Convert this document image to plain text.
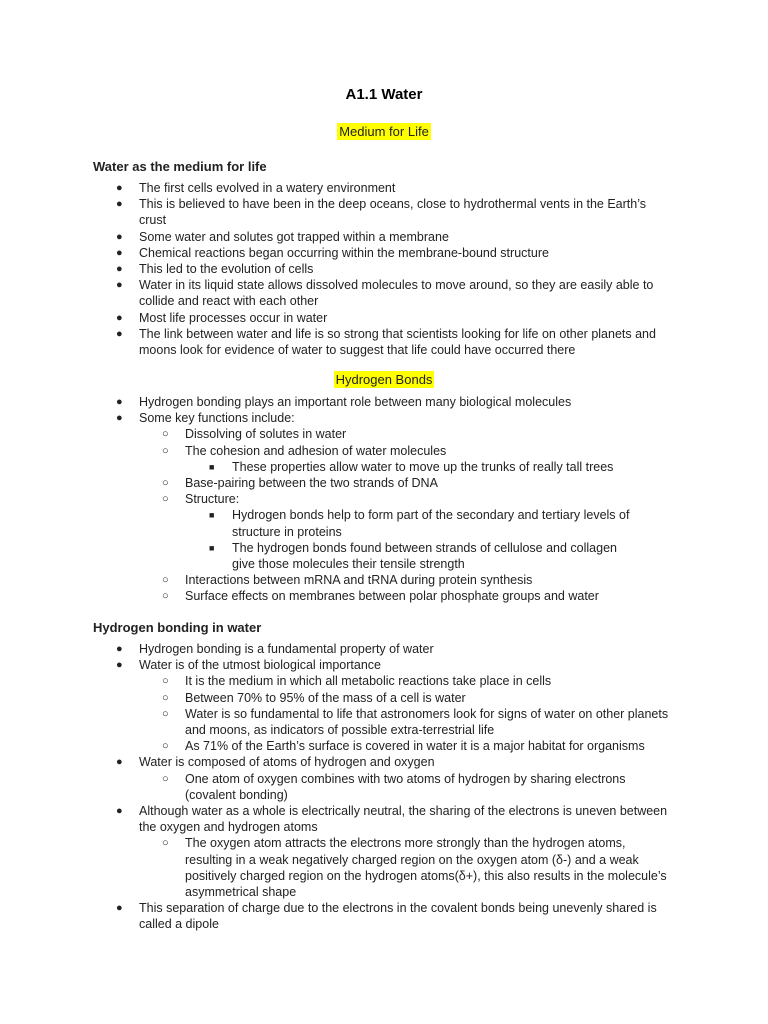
A1.1 Water
Medium for Life
Water as the medium for life
● The first cells evolved in a watery environment
● This is believed to have been in the deep oceans, close to hydrothermal vents in the Earth’s crust
● Some water and solutes got trapped within a membrane
● Chemical reactions began occurring within the membrane-bound structure
● This led to the evolution of cells
● Water in its liquid state allows dissolved molecules to move around, so they are easily able to collide and react with each other
● Most life processes occur in water
● The link between water and life is so strong that scientists looking for life on other planets and moons look for evidence of water to suggest that life could have occurred there
Hydrogen Bonds
● Hydrogen bonding plays an important role between many biological molecules
● Some key functions include:
○ Dissolving of solutes in water
○ The cohesion and adhesion of water molecules
■ These properties allow water to move up the trunks of really tall trees
○ Base-pairing between the two strands of DNA
○ Structure:
■ Hydrogen bonds help to form part of the secondary and tertiary levels of structure in proteins
■ The hydrogen bonds found between strands of cellulose and collagen give those molecules their tensile strength
○ Interactions between mRNA and tRNA during protein synthesis
○ Surface effects on membranes between polar phosphate groups and water
Hydrogen bonding in water
● Hydrogen bonding is a fundamental property of water
● Water is of the utmost biological importance
○ It is the medium in which all metabolic reactions take place in cells
○ Between 70% to 95% of the mass of a cell is water
○ Water is so fundamental to life that astronomers look for signs of water on other planets and moons, as indicators of possible extra-terrestrial life
○ As 71% of the Earth’s surface is covered in water it is a major habitat for organisms
● Water is composed of atoms of hydrogen and oxygen
○ One atom of oxygen combines with two atoms of hydrogen by sharing electrons (covalent bonding)
● Although water as a whole is electrically neutral, the sharing of the electrons is uneven between the oxygen and hydrogen atoms
○ The oxygen atom attracts the electrons more strongly than the hydrogen atoms, resulting in a weak negatively charged region on the oxygen atom (δ-) and a weak positively charged region on the hydrogen atoms(δ+), this also results in the molecule’s asymmetrical shape
● This separation of charge due to the electrons in the covalent bonds being unevenly shared is called a dipole
